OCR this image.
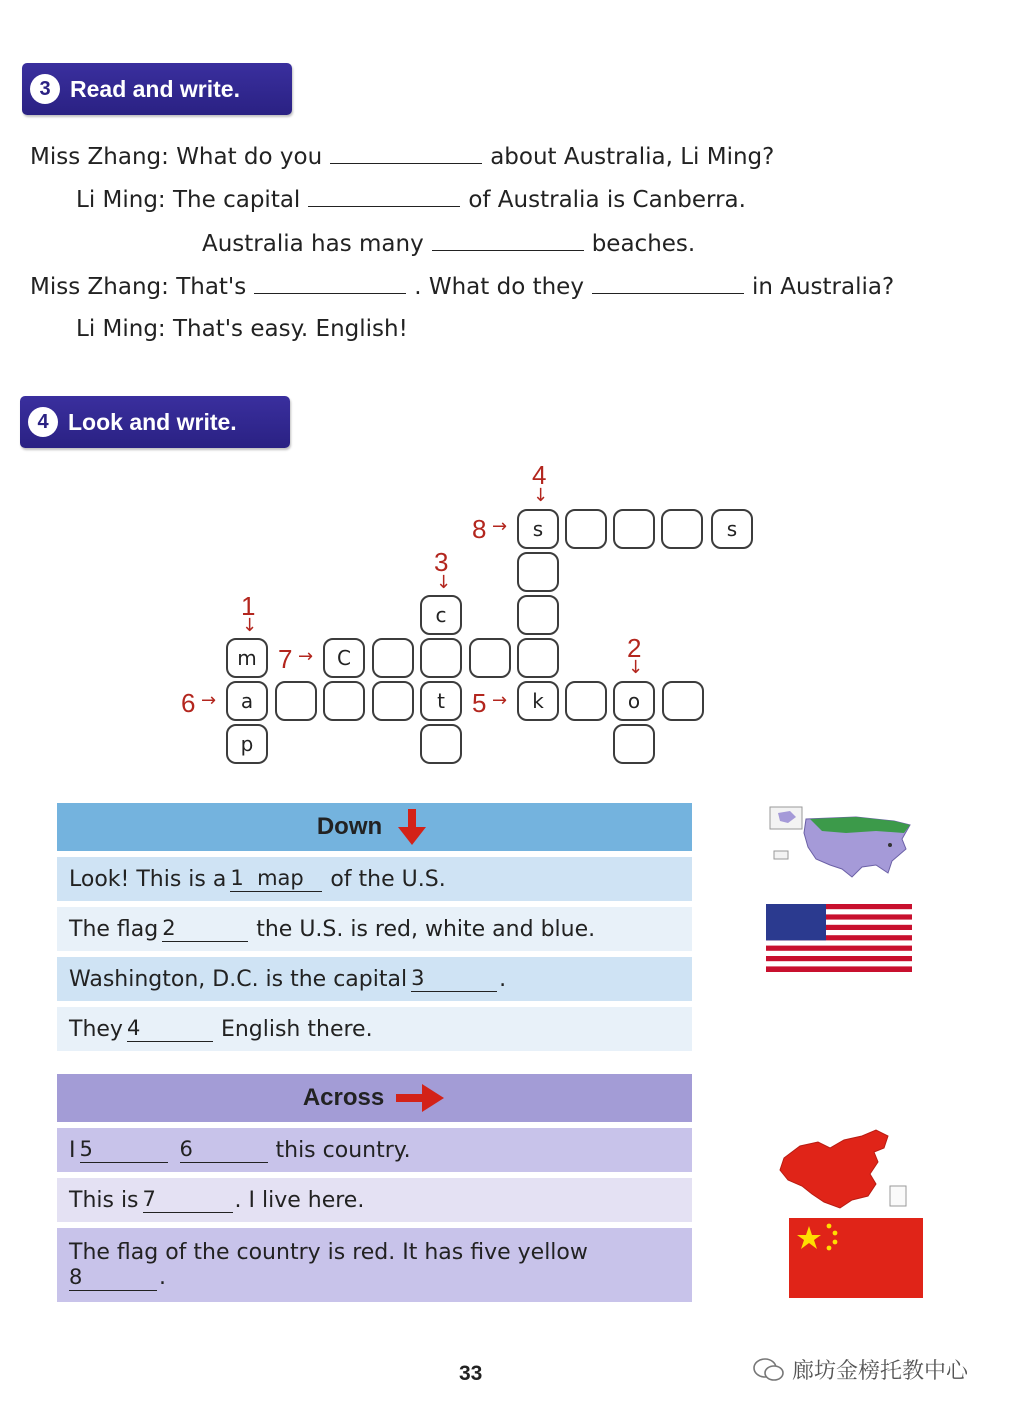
3 Read and write.
Miss Zhang: What do you	about Australia, Li Ming?
Li Ming: The capital	of Australia is Canberra.
Australia has many	beaches.
Miss Zhang: That's	. What do they	in Australia?
Li Ming: That's easy. English!
4 Look and write.
s	s
c
m	C
a	t	k	o
p
4
↓
8 →
3
↓
1
↓
2
↓
7 →
6 →	5 →
Down
Look! This is a 1 map	of the U.S.
The flag 2	the U.S. is red, white and blue.
Washington, D.C. is the capital 3	.
They 4	English there.
Across
I 5	6	this country.
This is 7	. I live here.
The flag of the country is red. It has five yellow
8	.
33	廊坊金榜托教中心
